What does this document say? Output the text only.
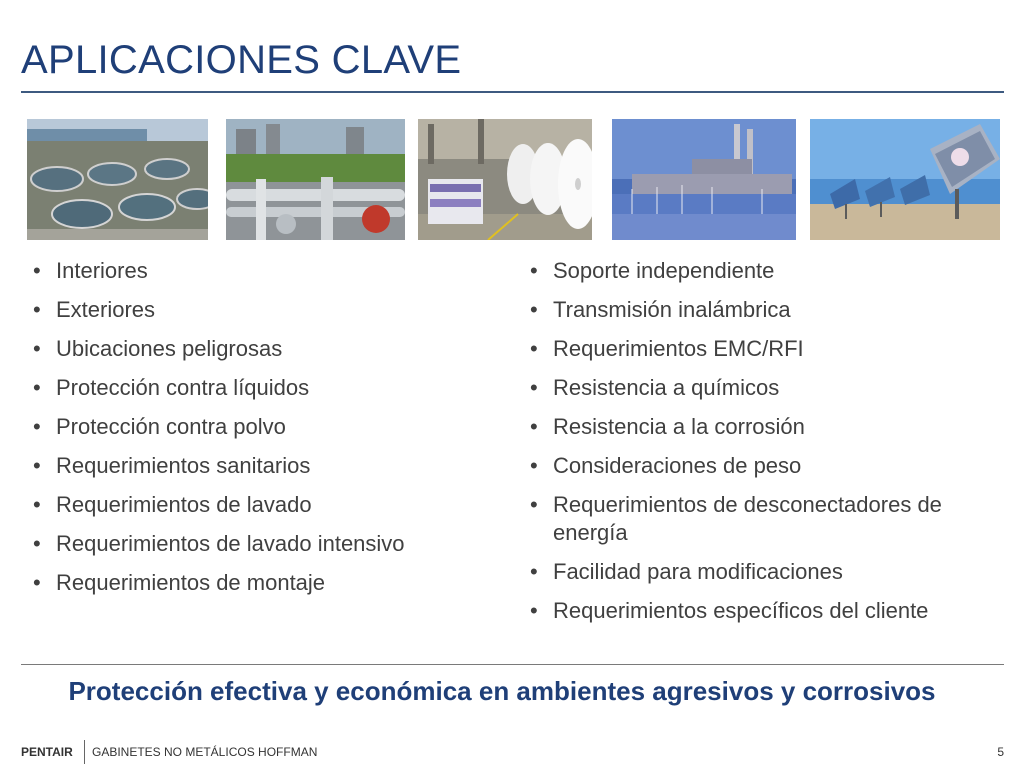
APLICACIONES CLAVE
• Interiores
• Exteriores
• Ubicaciones peligrosas
• Protección contra líquidos
• Protección contra polvo
• Requerimientos sanitarios
• Requerimientos de lavado
• Requerimientos de lavado intensivo
• Requerimientos de montaje
• Soporte independiente
• Transmisión inalámbrica
• Requerimientos EMC/RFI
• Resistencia a químicos
• Resistencia a la corrosión
• Consideraciones de peso
• Requerimientos de desconectadores de energía
• Facilidad para modificaciones
• Requerimientos específicos del cliente
Protección efectiva y económica en ambientes agresivos y corrosivos
PENTAIR GABINETES NO METÁLICOS HOFFMAN	5
